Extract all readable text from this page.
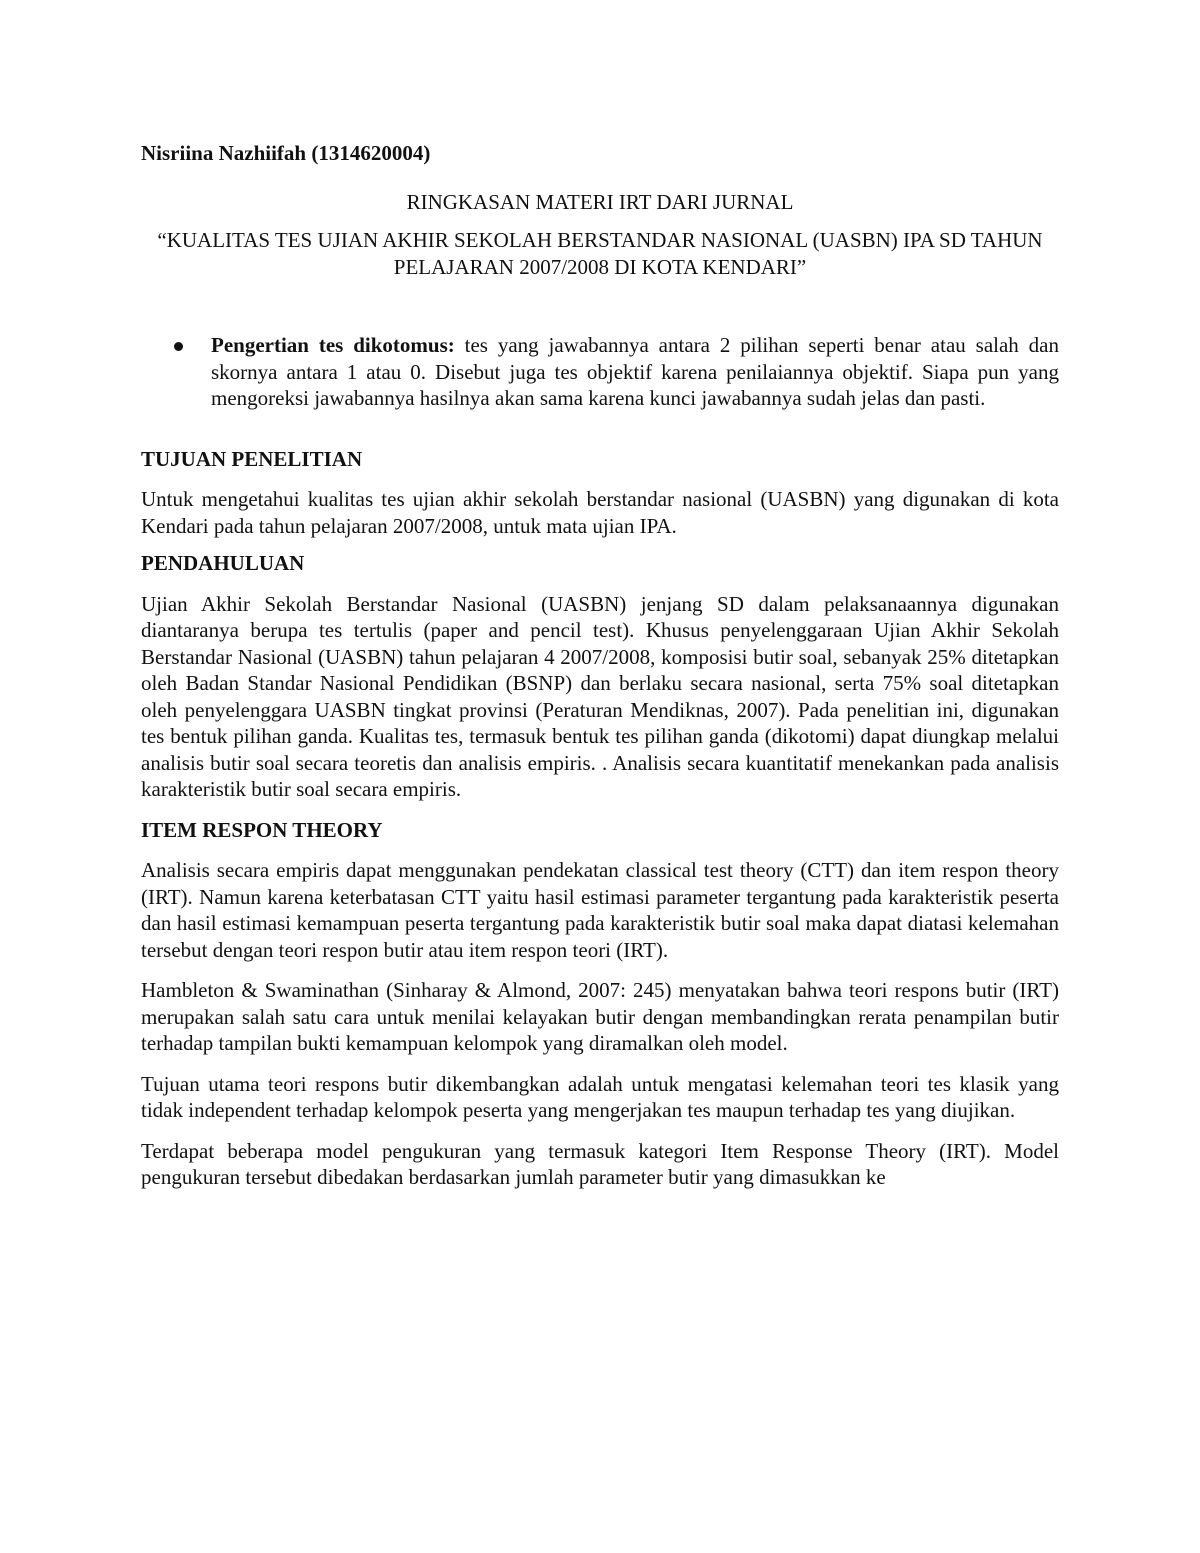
Nisriina Nazhiifah (1314620004)

RINGKASAN MATERI IRT DARI JURNAL

“KUALITAS TES UJIAN AKHIR SEKOLAH BERSTANDAR NASIONAL (UASBN) IPA SD TAHUN PELAJARAN 2007/2008 DI KOTA KENDARI”

Pengertian tes dikotomus: tes yang jawabannya antara 2 pilihan seperti benar atau salah dan skornya antara 1 atau 0. Disebut juga tes objektif karena penilaiannya objektif. Siapa pun yang mengoreksi jawabannya hasilnya akan sama karena kunci jawabannya sudah jelas dan pasti.

TUJUAN PENELITIAN

Untuk mengetahui kualitas tes ujian akhir sekolah berstandar nasional (UASBN) yang digunakan di kota Kendari pada tahun pelajaran 2007/2008, untuk mata ujian IPA.

PENDAHULUAN

Ujian Akhir Sekolah Berstandar Nasional (UASBN) jenjang SD dalam pelaksanaannya digunakan diantaranya berupa tes tertulis (paper and pencil test). Khusus penyelenggaraan Ujian Akhir Sekolah Berstandar Nasional (UASBN) tahun pelajaran 4 2007/2008, komposisi butir soal, sebanyak 25% ditetapkan oleh Badan Standar Nasional Pendidikan (BSNP) dan berlaku secara nasional, serta 75% soal ditetapkan oleh penyelenggara UASBN tingkat provinsi (Peraturan Mendiknas, 2007). Pada penelitian ini, digunakan tes bentuk pilihan ganda. Kualitas tes, termasuk bentuk tes pilihan ganda (dikotomi) dapat diungkap melalui analisis butir soal secara teoretis dan analisis empiris. . Analisis secara kuantitatif menekankan pada analisis karakteristik butir soal secara empiris.

ITEM RESPON THEORY

Analisis secara empiris dapat menggunakan pendekatan classical test theory (CTT) dan item respon theory (IRT). Namun karena keterbatasan CTT yaitu hasil estimasi parameter tergantung pada karakteristik peserta dan hasil estimasi kemampuan peserta tergantung pada karakteristik butir soal maka dapat diatasi kelemahan tersebut dengan teori respon butir atau item respon teori (IRT).

Hambleton & Swaminathan (Sinharay & Almond, 2007: 245) menyatakan bahwa teori respons butir (IRT) merupakan salah satu cara untuk menilai kelayakan butir dengan membandingkan rerata penampilan butir terhadap tampilan bukti kemampuan kelompok yang diramalkan oleh model.

Tujuan utama teori respons butir dikembangkan adalah untuk mengatasi kelemahan teori tes klasik yang tidak independent terhadap kelompok peserta yang mengerjakan tes maupun terhadap tes yang diujikan.

Terdapat beberapa model pengukuran yang termasuk kategori Item Response Theory (IRT). Model pengukuran tersebut dibedakan berdasarkan jumlah parameter butir yang dimasukkan ke
